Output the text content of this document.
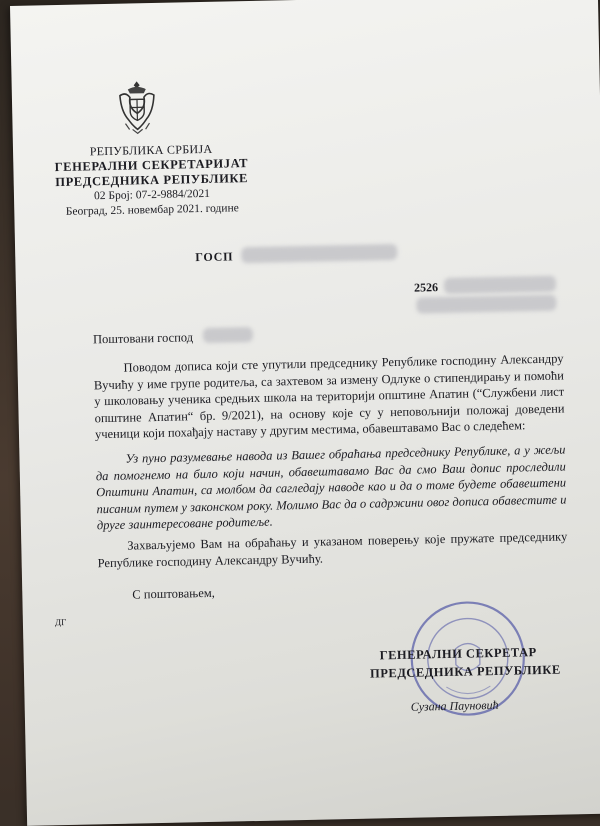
РЕПУБЛИКА СРБИЈА
ГЕНЕРАЛНИ СЕКРЕТАРИЈАТ
ПРЕДСЕДНИКА РЕПУБЛИКЕ
02 Број: 07-2-9884/2021
Београд, 25. новембар 2021. године
ГОСП
2526
Поштовани господ
Поводом дописа који сте упутили председнику Републике господину Александру Вучићу у име групе родитеља, са захтевом за измену Одлуке о стипендирању и помоћи у школовању ученика средњих школа на територији општине Апатин (“Службени лист општине Апатин“ бр. 9/2021), на основу које су у неповољнији положај доведени ученици који похађају наставу у другим местима, обавештавамо Вас о следећем:
Уз пуно разумевање навода из Вашег обраћања председнику Републике, а у жељи да помогнемо на било који начин, обавештавамо Вас да смо Ваш допис проследили Општини Апатин, са молбом да сагледају наводе као и да о томе будете обавештени писаним путем у законском року. Молимо Вас да о садржини овог дописа обавестите и друге заинтересоване родитеље.
Захваљујемо Вам на обраћању и указаном поверењу које пружате председнику Републике господину Александру Вучићу.
С поштовањем,
ДГ
ГЕНЕРАЛНИ СЕКРЕТАР
ПРЕДСЕДНИКА РЕПУБЛИКЕ
Сузана Пауновић
